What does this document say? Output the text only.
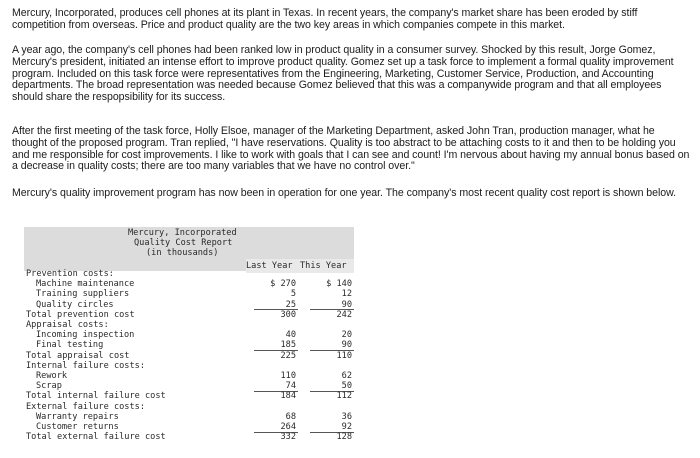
Mercury, Incorporated, produces cell phones at its plant in Texas. In recent years, the company's market share has been eroded by stiff competition from overseas. Price and product quality are the two key areas in which companies compete in this market.

A year ago, the company's cell phones had been ranked low in product quality in a consumer survey. Shocked by this result, Jorge Gomez, Mercury's president, initiated an intense effort to improve product quality. Gomez set up a task force to implement a formal quality improvement program. Included on this task force were representatives from the Engineering, Marketing, Customer Service, Production, and Accounting departments. The broad representation was needed because Gomez believed that this was a companywide program and that all employees should share the respopsibility for its success.

After the first meeting of the task force, Holly Elsoe, manager of the Marketing Department, asked John Tran, production manager, what he thought of the proposed program. Tran replied, "I have reservations. Quality is too abstract to be attaching costs to it and then to be holding you and me responsible for cost improvements. I like to work with goals that I can see and count! I'm nervous about having my annual bonus based on a decrease in quality costs; there are too many variables that we have no control over."

Mercury's quality improvement program has now been in operation for one year. The company's most recent quality cost report is shown below.

Mercury, Incorporated
Quality Cost Report
(in thousands)
Last Year This Year
Prevention costs:
Machine maintenance	$ 270	$ 140
Training suppliers	5	12
Quality circles	25	90
Total prevention cost	300	242
Appraisal costs:
Incoming inspection	40	20
Final testing	185	90
Total appraisal cost	225	110
Internal failure costs:
Rework	110	62
Scrap	74	50
Total internal failure cost	184	112
External failure costs:
Warranty repairs	68	36
Customer returns	264	92
Total external failure cost	332	128
